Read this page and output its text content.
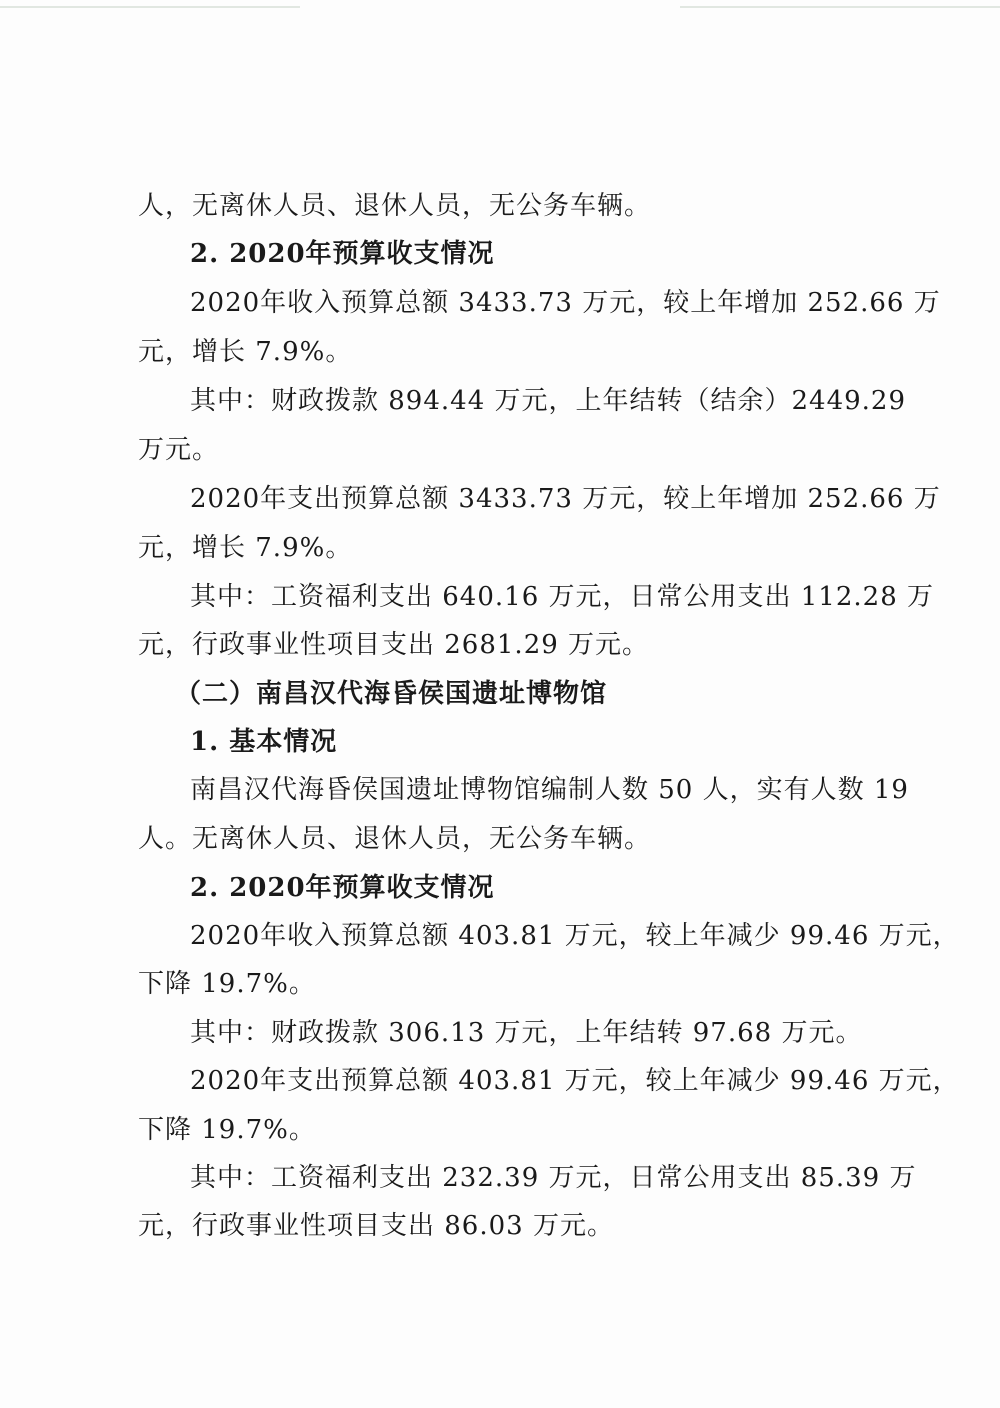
人，无离休人员、退休人员，无公务车辆。
2. 2020年预算收支情况
2020年收入预算总额 3433.73 万元，较上年增加 252.66 万
元，增长 7.9%。
其中：财政拨款 894.44 万元，上年结转（结余）2449.29
万元。
2020年支出预算总额 3433.73 万元，较上年增加 252.66 万
元，增长 7.9%。
其中：工资福利支出 640.16 万元，日常公用支出 112.28 万
元，行政事业性项目支出 2681.29 万元。
（二）南昌汉代海昏侯国遗址博物馆
1. 基本情况
南昌汉代海昏侯国遗址博物馆编制人数 50 人，实有人数 19
人。无离休人员、退休人员，无公务车辆。
2. 2020年预算收支情况
2020年收入预算总额 403.81 万元，较上年减少 99.46 万元，
下降 19.7%。
其中：财政拨款 306.13 万元，上年结转 97.68 万元。
2020年支出预算总额 403.81 万元，较上年减少 99.46 万元，
下降 19.7%。
其中：工资福利支出 232.39 万元，日常公用支出 85.39 万
元，行政事业性项目支出 86.03 万元。
